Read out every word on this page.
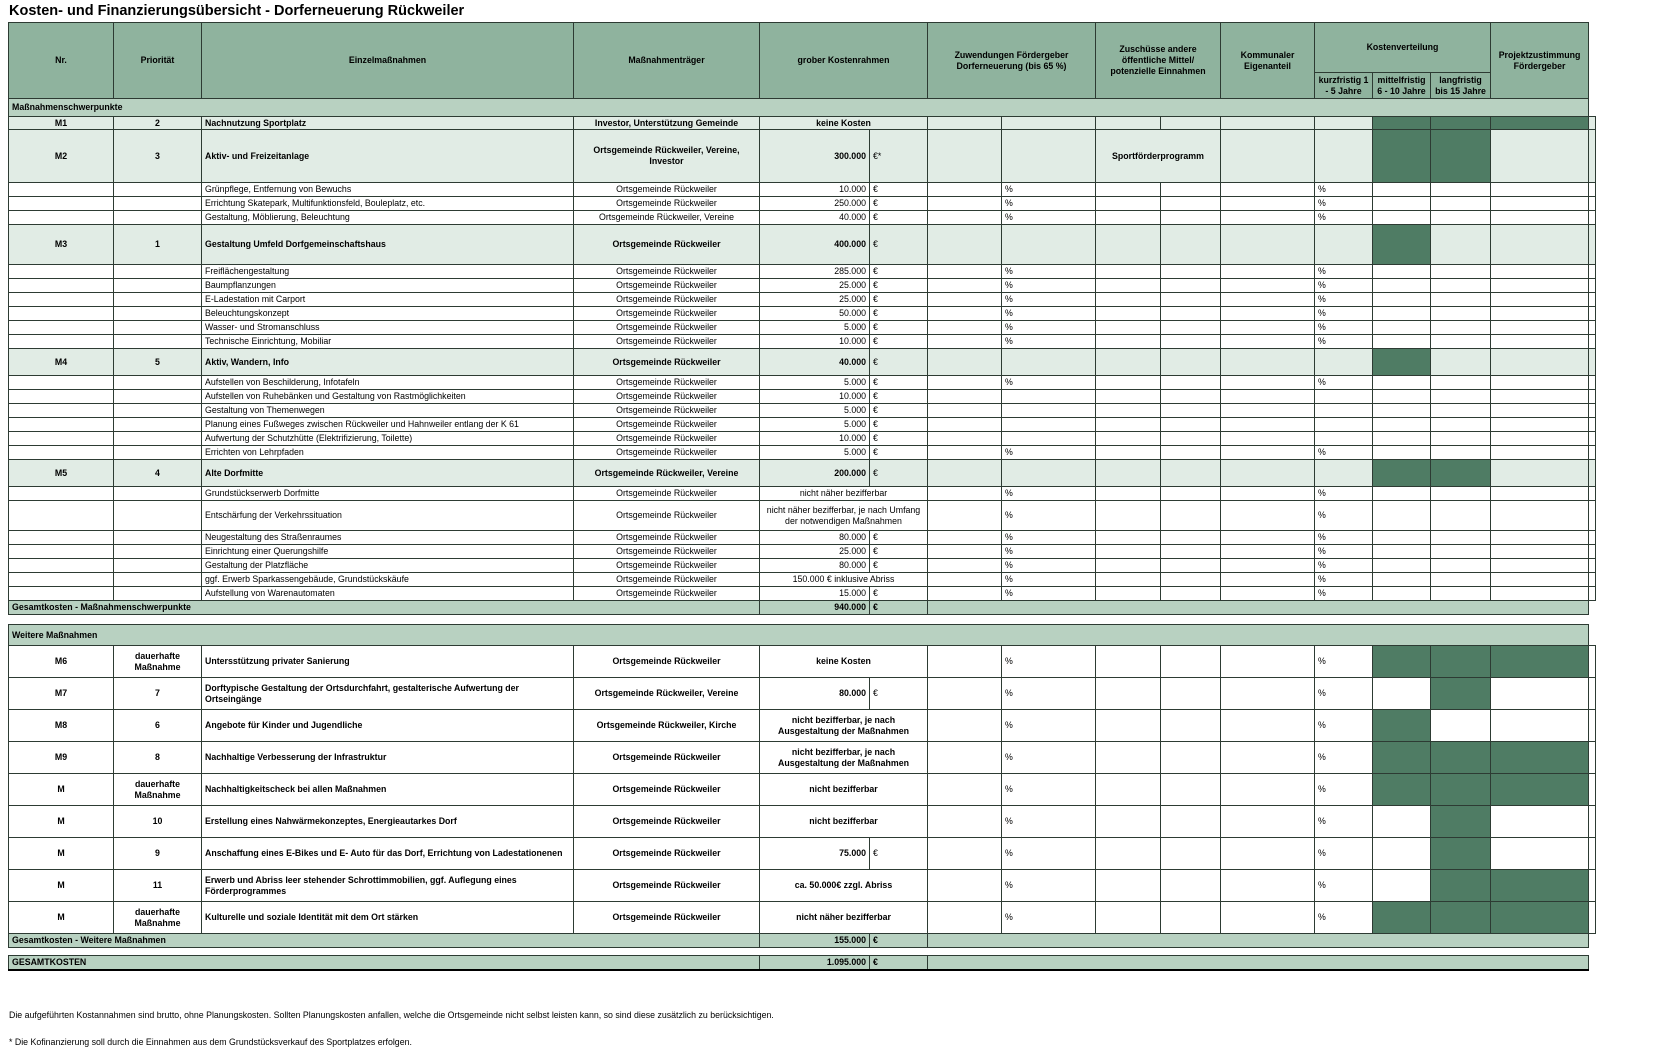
Kosten- und Finanzierungsübersicht - Dorferneuerung Rückweiler
Nr.	Priorität	Einzelmaßnahmen	Maßnahmenträger	grober Kostenrahmen		Zuwendungen Fördergeber Dorferneuerung (bis 65 %)		Zuschüsse andere öffentliche Mittel/ potenzielle Einnahmen		Kommunaler Eigenanteil	Kostenverteilung			Projektzustimmung Fördergeber	
											kurzfristig 1 - 5 Jahre	mittelfristig 6 - 10 Jahre	langfristig bis 15 Jahre		
Maßnahmenschwerpunkte															
M1	2	Nachnutzung Sportplatz	Investor, Unterstützung Gemeinde	keine Kosten											
M2	3	Aktiv- und Freizeitanlage	Ortsgemeinde Rückweiler, Vereine, Investor	300.000	€*			Sportförderprogramm							
		Grünpflege, Entfernung von Bewuchs	Ortsgemeinde Rückweiler	10.000	€		%				%				
		Errichtung Skatepark, Multifunktionsfeld, Bouleplatz, etc.	Ortsgemeinde Rückweiler	250.000	€		%				%				
		Gestaltung, Möblierung, Beleuchtung	Ortsgemeinde Rückweiler, Vereine	40.000	€		%				%				
M3	1	Gestaltung Umfeld Dorfgemeinschaftshaus	Ortsgemeinde Rückweiler	400.000	€										
		Freiflächengestaltung	Ortsgemeinde Rückweiler	285.000	€		%				%				
		Baumpflanzungen	Ortsgemeinde Rückweiler	25.000	€		%				%				
		E-Ladestation mit Carport	Ortsgemeinde Rückweiler	25.000	€		%				%				
		Beleuchtungskonzept	Ortsgemeinde Rückweiler	50.000	€		%				%				
		Wasser- und Stromanschluss	Ortsgemeinde Rückweiler	5.000	€		%				%				
		Technische Einrichtung, Mobiliar	Ortsgemeinde Rückweiler	10.000	€		%				%				
M4	5	Aktiv, Wandern, Info	Ortsgemeinde Rückweiler	40.000	€										
		Aufstellen von Beschilderung, Infotafeln	Ortsgemeinde Rückweiler	5.000	€		%				%				
		Aufstellen von Ruhebänken und Gestaltung von Rastmöglichkeiten	Ortsgemeinde Rückweiler	10.000	€										
		Gestaltung von Themenwegen	Ortsgemeinde Rückweiler	5.000	€										
		Planung eines Fußweges zwischen Rückweiler und Hahnweiler entlang der K 61	Ortsgemeinde Rückweiler	5.000	€										
		Aufwertung der Schutzhütte (Elektrifizierung, Toilette)	Ortsgemeinde Rückweiler	10.000	€										
		Errichten von Lehrpfaden	Ortsgemeinde Rückweiler	5.000	€		%				%				
M5	4	Alte Dorfmitte	Ortsgemeinde Rückweiler, Vereine	200.000	€										
		Grundstückserwerb Dorfmitte	Ortsgemeinde Rückweiler	nicht näher bezifferbar			%				%				
		Entschärfung der Verkehrssituation	Ortsgemeinde Rückweiler	nicht näher bezifferbar, je nach Umfang der notwendigen Maßnahmen			%				%				
		Neugestaltung des Straßenraumes	Ortsgemeinde Rückweiler	80.000	€		%				%				
		Einrichtung einer Querungshilfe	Ortsgemeinde Rückweiler	25.000	€		%				%				
		Gestaltung der Platzfläche	Ortsgemeinde Rückweiler	80.000	€		%				%				
		ggf. Erwerb Sparkassengebäude, Grundstückskäufe	Ortsgemeinde Rückweiler	150.000 € inklusive Abriss			%				%				
		Aufstellung von Warenautomaten	Ortsgemeinde Rückweiler	15.000	€		%				%				
Gesamtkosten - Maßnahmenschwerpunkte				940.000	€										

Weitere Maßnahmen															
M6	dauerhafte Maßnahme	Untersstützung privater Sanierung	Ortsgemeinde Rückweiler	keine Kosten			%				%				
M7	7	Dorftypische Gestaltung der Ortsdurchfahrt, gestalterische Aufwertung der Ortseingänge	Ortsgemeinde Rückweiler, Vereine	80.000	€		%				%				
M8	6	Angebote für Kinder und Jugendliche	Ortsgemeinde Rückweiler, Kirche	nicht bezifferbar, je nach Ausgestaltung der Maßnahmen			%				%				
M9	8	Nachhaltige Verbesserung der Infrastruktur	Ortsgemeinde Rückweiler	nicht bezifferbar, je nach Ausgestaltung der Maßnahmen			%				%				
M	dauerhafte Maßnahme	Nachhaltigkeitscheck bei allen Maßnahmen	Ortsgemeinde Rückweiler	nicht bezifferbar			%				%				
M	10	Erstellung eines Nahwärmekonzeptes, Energieautarkes Dorf	Ortsgemeinde Rückweiler	nicht bezifferbar			%				%				
M	9	Anschaffung eines E-Bikes und E- Auto für das Dorf, Errichtung von Ladestationenen	Ortsgemeinde Rückweiler	75.000	€		%				%				
M	11	Erwerb und Abriss leer stehender Schrottimmobilien, ggf. Auflegung eines Förderprogrammes	Ortsgemeinde Rückweiler	ca. 50.000€ zzgl. Abriss			%				%				
M	dauerhafte Maßnahme	Kulturelle und soziale Identität mit dem Ort stärken	Ortsgemeinde Rückweiler	nicht näher bezifferbar			%				%				
Gesamtkosten - Weitere Maßnahmen				155.000	€										

GESAMTKOSTEN				1.095.000	€										
Die aufgeführten Kostannahmen sind brutto, ohne Planungskosten. Sollten Planungskosten anfallen, welche die Ortsgemeinde nicht selbst leisten kann, so sind diese zusätzlich zu berücksichtigen.
* Die Kofinanzierung soll durch die Einnahmen aus dem Grundstücksverkauf des Sportplatzes erfolgen.
